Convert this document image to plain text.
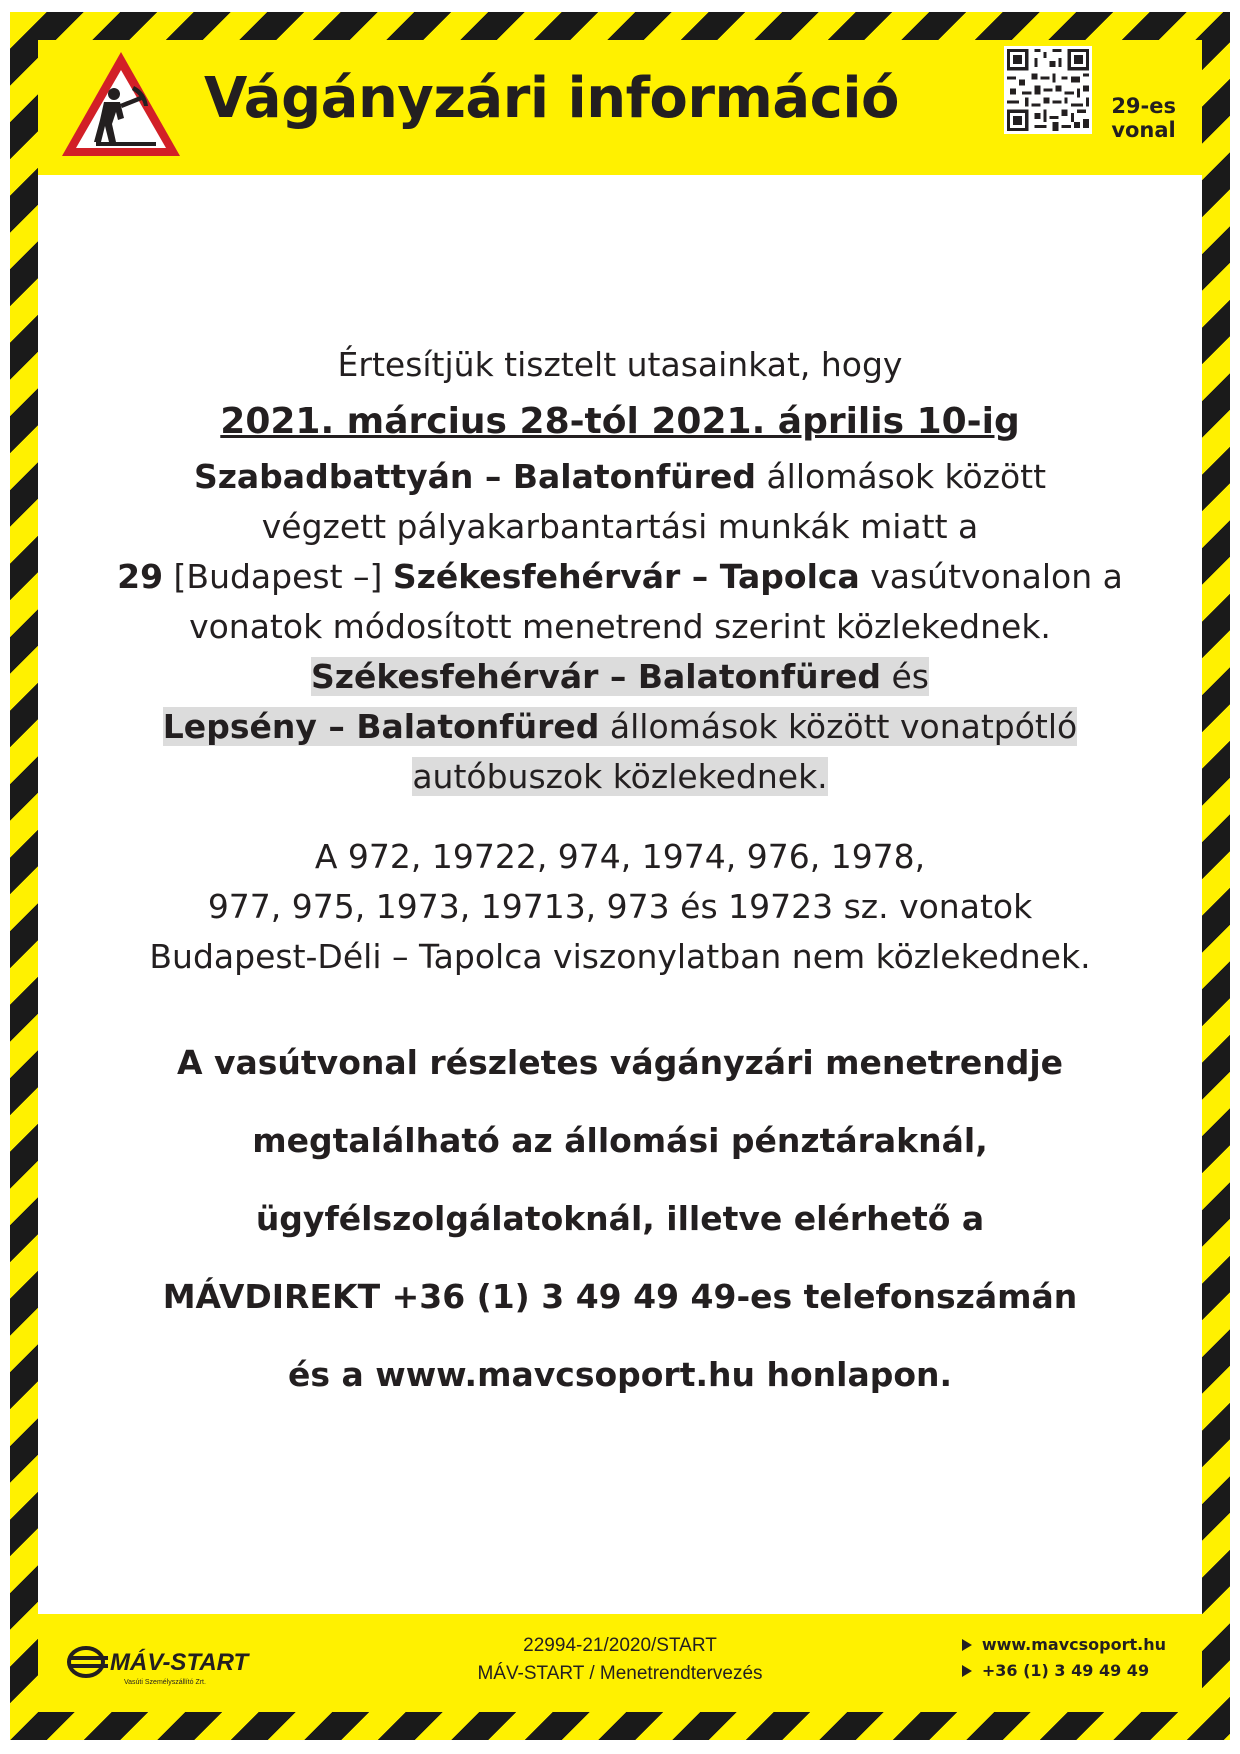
Vágányzári információ	29-es
vonal
Értesítjük tisztelt utasainkat, hogy
2021. március 28-tól 2021. április 10-ig
Szabadbattyán – Balatonfüred állomások között
végzett pályakarbantartási munkák miatt a
29 [Budapest –] Székesfehérvár – Tapolca vasútvonalon a
vonatok módosított menetrend szerint közlekednek.
Székesfehérvár – Balatonfüred és
Lepsény – Balatonfüred állomások között vonatpótló
autóbuszok közlekednek.
A 972, 19722, 974, 1974, 976, 1978,
977, 975, 1973, 19713, 973 és 19723 sz. vonatok
Budapest-Déli – Tapolca viszonylatban nem közlekednek.
A vasútvonal részletes vágányzári menetrendje
megtalálható az állomási pénztáraknál,
ügyfélszolgálatoknál, illetve elérhető a
MÁVDIREKT +36 (1) 3 49 49 49-es telefonszámán
és a www.mavcsoport.hu honlapon.
MÁV-START
Vasúti Személyszállító Zrt.
22994-21/2020/START
MÁV-START / Menetrendtervezés
www.mavcsoport.hu
+36 (1) 3 49 49 49
